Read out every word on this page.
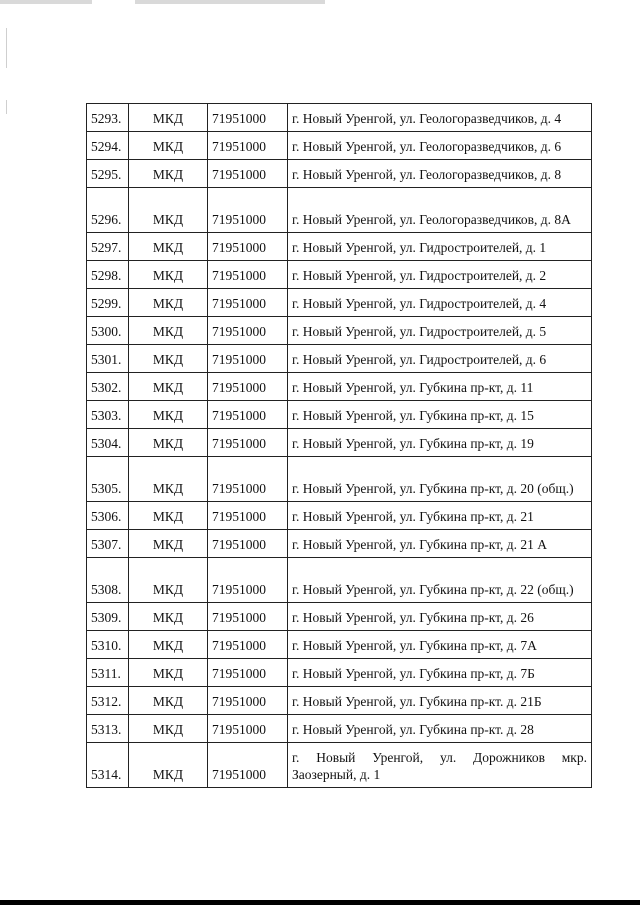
5293.	МКД	71951000	г. Новый Уренгой, ул. Геологоразведчиков, д. 4
5294.	МКД	71951000	г. Новый Уренгой, ул. Геологоразведчиков, д. 6
5295.	МКД	71951000	г. Новый Уренгой, ул. Геологоразведчиков, д. 8
5296.	МКД	71951000	г. Новый Уренгой, ул. Геологоразведчиков, д. 8А
5297.	МКД	71951000	г. Новый Уренгой, ул. Гидростроителей, д. 1
5298.	МКД	71951000	г. Новый Уренгой, ул. Гидростроителей, д. 2
5299.	МКД	71951000	г. Новый Уренгой, ул. Гидростроителей, д. 4
5300.	МКД	71951000	г. Новый Уренгой, ул. Гидростроителей, д. 5
5301.	МКД	71951000	г. Новый Уренгой, ул. Гидростроителей, д. 6
5302.	МКД	71951000	г. Новый Уренгой, ул. Губкина пр-кт, д. 11
5303.	МКД	71951000	г. Новый Уренгой, ул. Губкина пр-кт, д. 15
5304.	МКД	71951000	г. Новый Уренгой, ул. Губкина пр-кт, д. 19
5305.	МКД	71951000	г. Новый Уренгой, ул. Губкина пр-кт, д. 20 (общ.)
5306.	МКД	71951000	г. Новый Уренгой, ул. Губкина пр-кт, д. 21
5307.	МКД	71951000	г. Новый Уренгой, ул. Губкина пр-кт, д. 21 А
5308.	МКД	71951000	г. Новый Уренгой, ул. Губкина пр-кт, д. 22 (общ.)
5309.	МКД	71951000	г. Новый Уренгой, ул. Губкина пр-кт, д. 26
5310.	МКД	71951000	г. Новый Уренгой, ул. Губкина пр-кт, д. 7А
5311.	МКД	71951000	г. Новый Уренгой, ул. Губкина пр-кт, д. 7Б
5312.	МКД	71951000	г. Новый Уренгой, ул. Губкина пр-кт. д. 21Б
5313.	МКД	71951000	г. Новый Уренгой, ул. Губкина пр-кт. д. 28
5314.	МКД	71951000	г. Новый Уренгой, ул. Дорожников мкр. Заозерный, д. 1
